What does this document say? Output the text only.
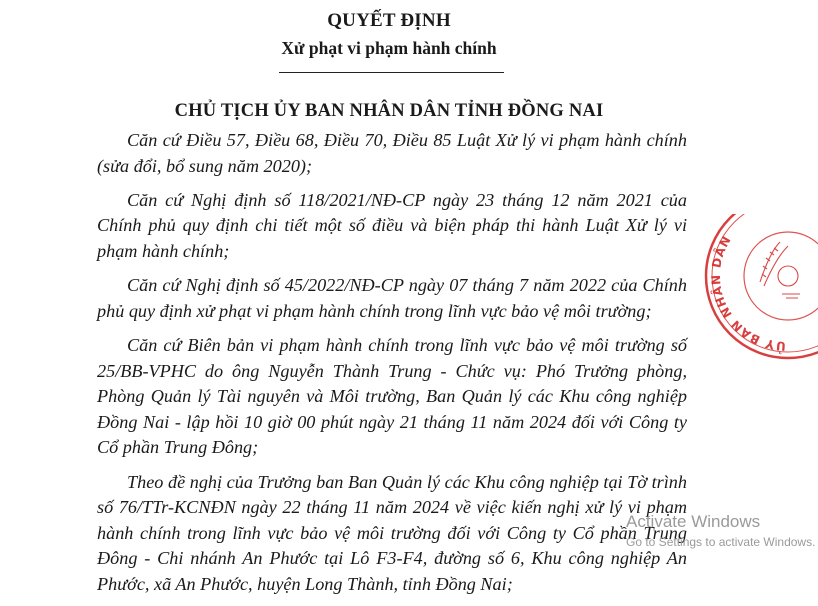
QUYẾT ĐỊNH
Xử phạt vi phạm hành chính
CHỦ TỊCH ỦY BAN NHÂN DÂN TỈNH ĐỒNG NAI

Căn cứ Điều 57, Điều 68, Điều 70, Điều 85 Luật Xử lý vi phạm hành chính (sửa đổi, bổ sung năm 2020);

Căn cứ Nghị định số 118/2021/NĐ-CP ngày 23 tháng 12 năm 2021 của Chính phủ quy định chi tiết một số điều và biện pháp thi hành Luật Xử lý vi phạm hành chính;

Căn cứ Nghị định số 45/2022/NĐ-CP ngày 07 tháng 7 năm 2022 của Chính phủ quy định xử phạt vi phạm hành chính trong lĩnh vực bảo vệ môi trường;

Căn cứ Biên bản vi phạm hành chính trong lĩnh vực bảo vệ môi trường số 25/BB-VPHC do ông Nguyễn Thành Trung - Chức vụ: Phó Trưởng phòng, Phòng Quản lý Tài nguyên và Môi trường, Ban Quản lý các Khu công nghiệp Đồng Nai - lập hồi 10 giờ 00 phút ngày 21 tháng 11 năm 2024 đối với Công ty Cổ phần Trung Đông;

Theo đề nghị của Trưởng ban Ban Quản lý các Khu công nghiệp tại Tờ trình số 76/TTr-KCNĐN ngày 22 tháng 11 năm 2024 về việc kiến nghị xử lý vi phạm hành chính trong lĩnh vực bảo vệ môi trường đối với Công ty Cổ phần Trung Đông - Chi nhánh An Phước tại Lô F3-F4, đường số 6, Khu công nghiệp An Phước, xã An Phước, huyện Long Thành, tỉnh Đồng Nai;

ỦY BAN NHÂN DÂN
Activate Windows
Go to Settings to activate Windows.
